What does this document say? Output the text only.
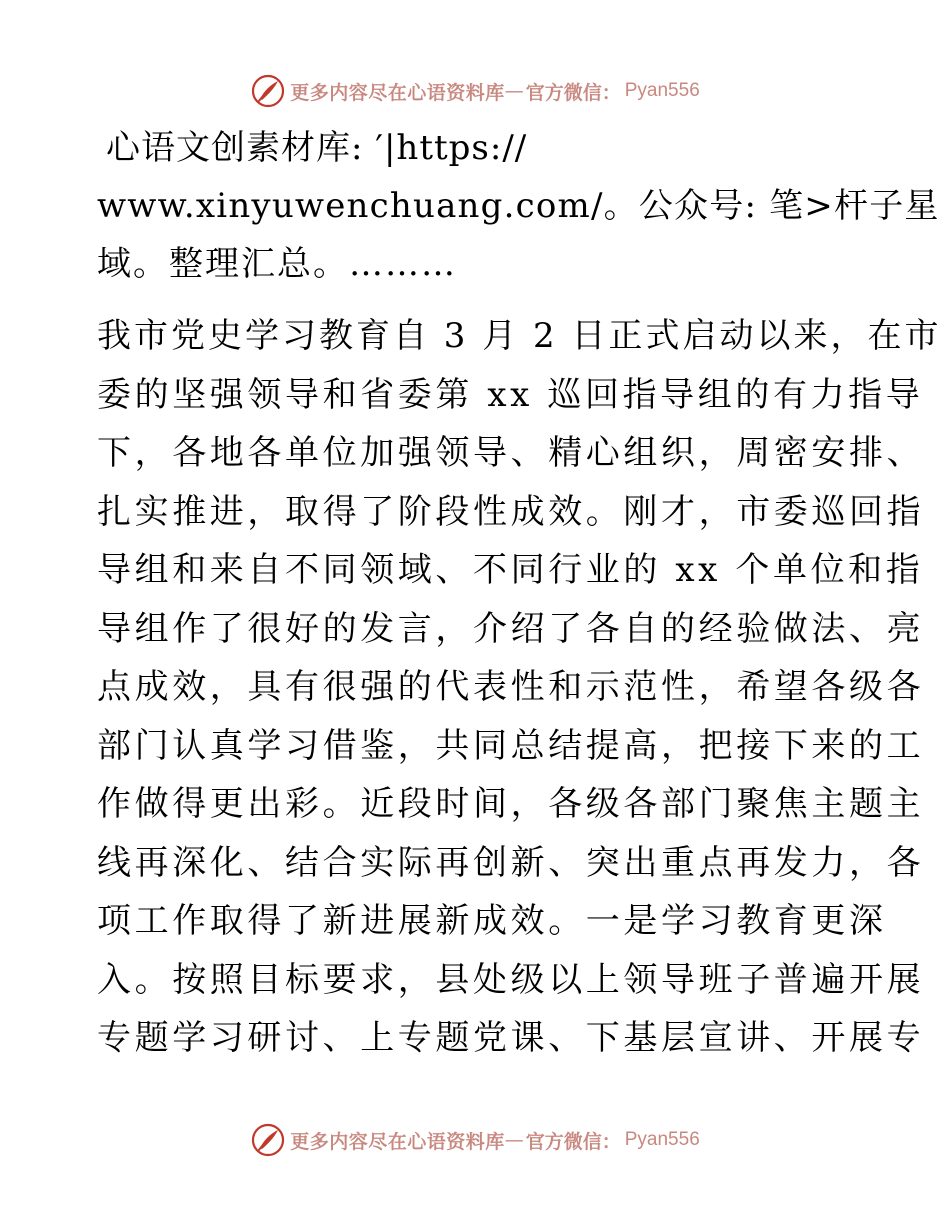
更多内容尽在心语资料库 — 官方微信： Pyan556
心语文创素材库: ′|https://
www.xinyuwenchuang.com/。公众号: 笔>杆子星
域。整理汇总。………
我市党史学习教育自 3 月 2 日正式启动以来，在市
委的坚强领导和省委第 xx 巡回指导组的有力指导
下，各地各单位加强领导、精心组织，周密安排、
扎实推进，取得了阶段性成效。刚才，市委巡回指
导组和来自不同领域、不同行业的 xx 个单位和指
导组作了很好的发言，介绍了各自的经验做法、亮
点成效，具有很强的代表性和示范性，希望各级各
部门认真学习借鉴，共同总结提高，把接下来的工
作做得更出彩。近段时间，各级各部门聚焦主题主
线再深化、结合实际再创新、突出重点再发力，各
项工作取得了新进展新成效。一是学习教育更深
入。按照目标要求，县处级以上领导班子普遍开展
专题学习研讨、上专题党课、下基层宣讲、开展专
更多内容尽在心语资料库 — 官方微信： Pyan556
